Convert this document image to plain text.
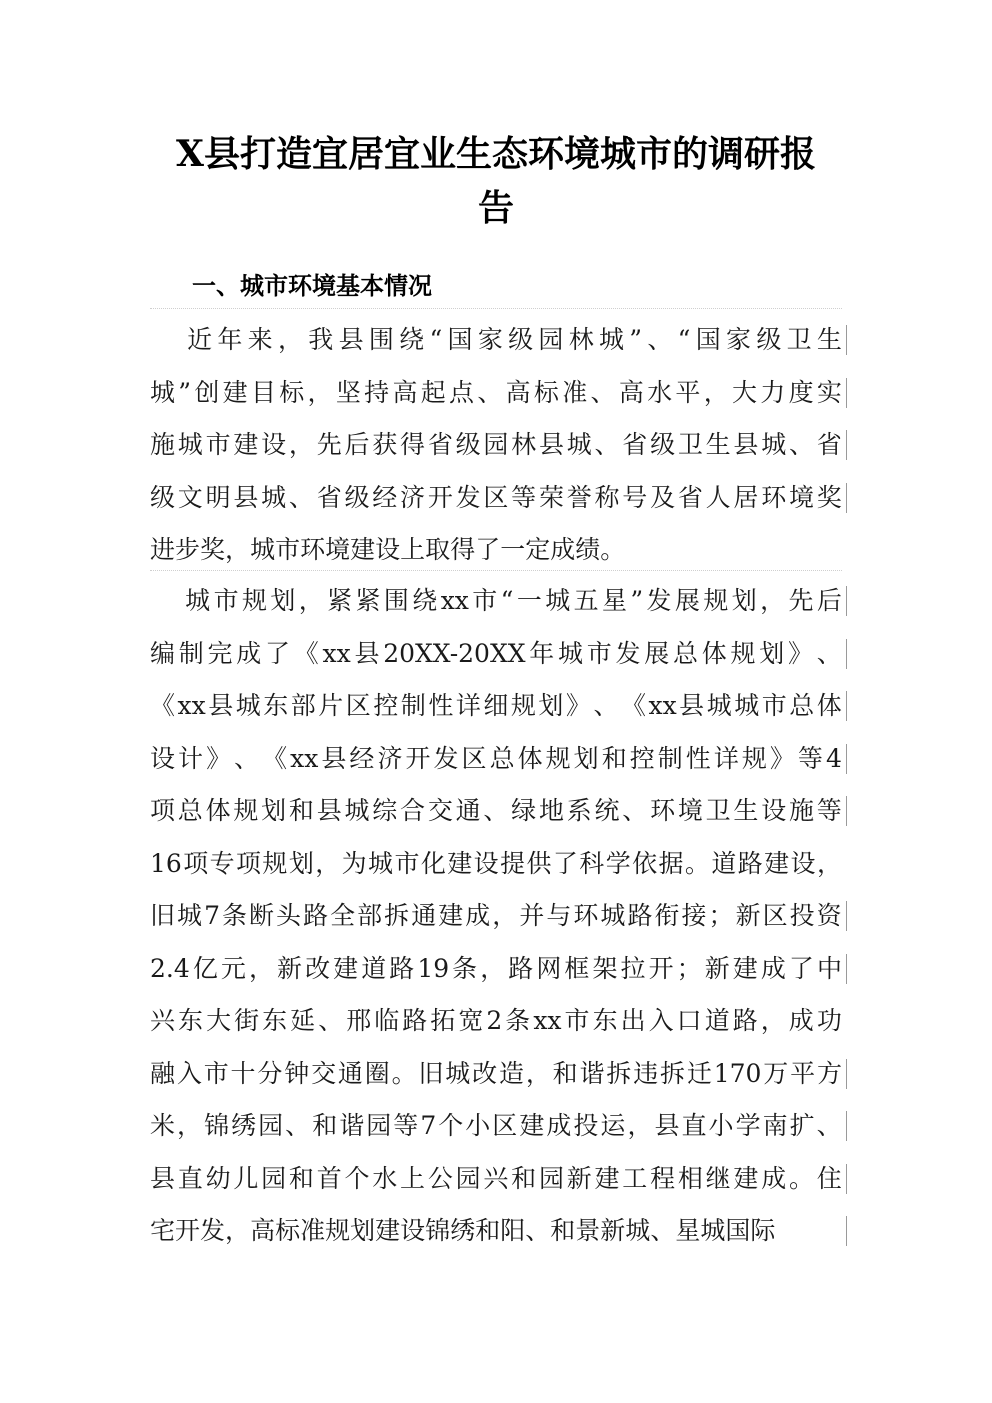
X县打造宜居宜业生态环境城市的调研报
告
一、城市环境基本情况

近 年 来 ， 我 县 围 绕 “ 国 家 级 园 林 城 ” 、 “ 国 家 级 卫 生
城 ” 创 建 目 标 ， 坚 持 高 起 点 、 高 标 准 、 高 水 平 ， 大 力 度 实
施 城 市 建 设 ， 先 后 获 得 省 级 园 林 县 城 、 省 级 卫 生 县 城 、 省
级 文 明 县 城 、 省 级 经 济 开 发 区 等 荣 誉 称 号 及 省 人 居 环 境 奖
进 步 奖 ， 城 市 环 境 建 设 上 取 得 了 一 定 成 绩 。

城 市 规 划 ， 紧 紧 围 绕 xx 市 “ 一 城 五 星 ” 发 展 规 划 ， 先 后
编 制 完 成 了 《 xx 县 20XX-20XX 年 城 市 发 展 总 体 规 划 》 、
《 xx 县 城 东 部 片 区 控 制 性 详 细 规 划 》 、 《 xx 县 城 城 市 总 体
设 计 》 、 《 xx 县 经 济 开 发 区 总 体 规 划 和 控 制 性 详 规 》 等 4
项 总 体 规 划 和 县 城 综 合 交 通 、 绿 地 系 统 、 环 境 卫 生 设 施 等
16 项 专 项 规 划 ， 为 城 市 化 建 设 提 供 了 科 学 依 据 。 道 路 建 设 ，
旧 城 7 条 断 头 路 全 部 拆 通 建 成 ， 并 与 环 城 路 衔 接 ； 新 区 投 资
2.4 亿 元 ， 新 改 建 道 路 19 条 ， 路 网 框 架 拉 开 ； 新 建 成 了 中
兴 东 大 街 东 延 、 邢 临 路 拓 宽 2 条 xx 市 东 出 入 口 道 路 ， 成 功
融 入 市 十 分 钟 交 通 圈 。 旧 城 改 造 ， 和 谐 拆 违 拆 迁 170 万 平 方
米 ， 锦 绣 园 、 和 谐 园 等 7 个 小 区 建 成 投 运 ， 县 直 小 学 南 扩 、
县 直 幼 儿 园 和 首 个 水 上 公 园 兴 和 园 新 建 工 程 相 继 建 成 。 住
宅 开 发 ， 高 标 准 规 划 建 设 锦 绣 和 阳 、 和 景 新 城 、 星 城 国 际
